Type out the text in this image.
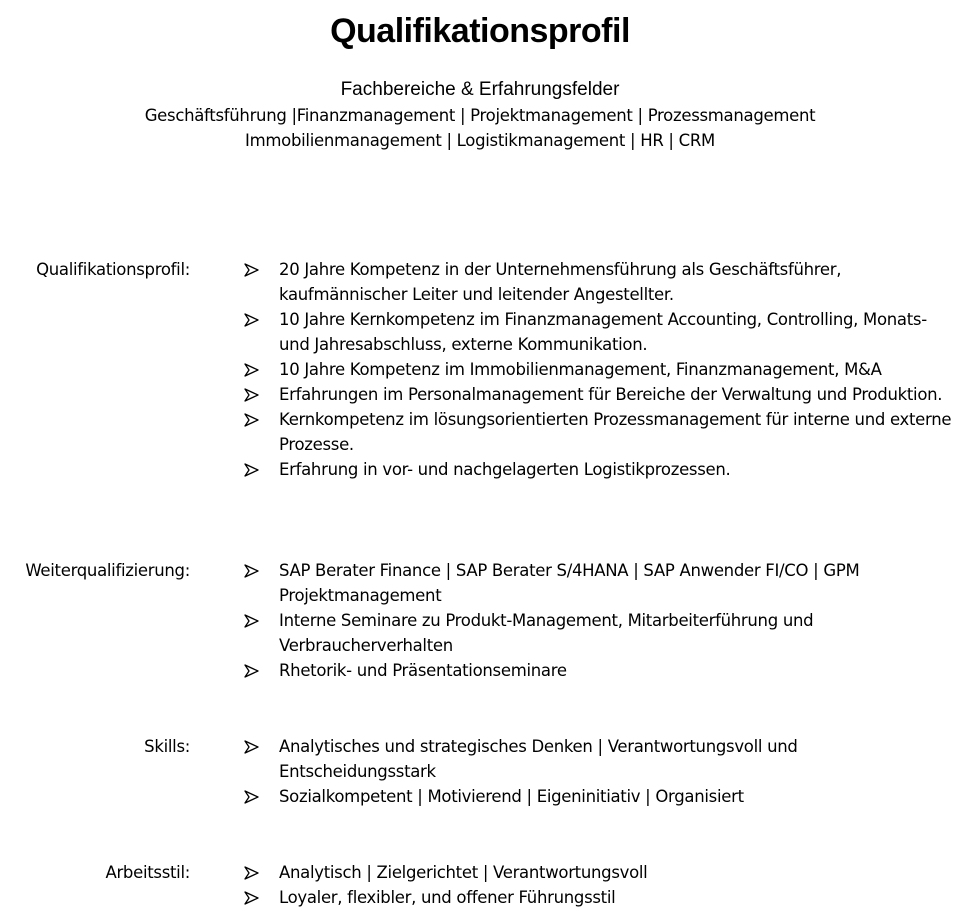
Qualifikationsprofil
Fachbereiche & Erfahrungsfelder
Geschäftsführung |Finanzmanagement | Projektmanagement | Prozessmanagement
Immobilienmanagement | Logistikmanagement | HR | CRM
Qualifikationsprofil:	20 Jahre Kompetenz in der Unternehmensführung als Geschäftsführer, kaufmännischer Leiter und leitender Angestellter.
10 Jahre Kernkompetenz im Finanzmanagement Accounting, Controlling, Monats- und Jahresabschluss, externe Kommunikation.
10 Jahre Kompetenz im Immobilienmanagement, Finanzmanagement, M&A
Erfahrungen im Personalmanagement für Bereiche der Verwaltung und Produktion.
Kernkompetenz im lösungsorientierten Prozessmanagement für interne und externe Prozesse.
Erfahrung in vor- und nachgelagerten Logistikprozessen.
Weiterqualifizierung:	SAP Berater Finance | SAP Berater S/4HANA | SAP Anwender FI/CO | GPM Projektmanagement
Interne Seminare zu Produkt-Management, Mitarbeiterführung und Verbraucherverhalten
Rhetorik- und Präsentationseminare
Skills:	Analytisches und strategisches Denken | Verantwortungsvoll und Entscheidungsstark
Sozialkompetent | Motivierend | Eigeninitiativ | Organisiert
Arbeitsstil:	Analytisch | Zielgerichtet | Verantwortungsvoll
Loyaler, flexibler, und offener Führungsstil
